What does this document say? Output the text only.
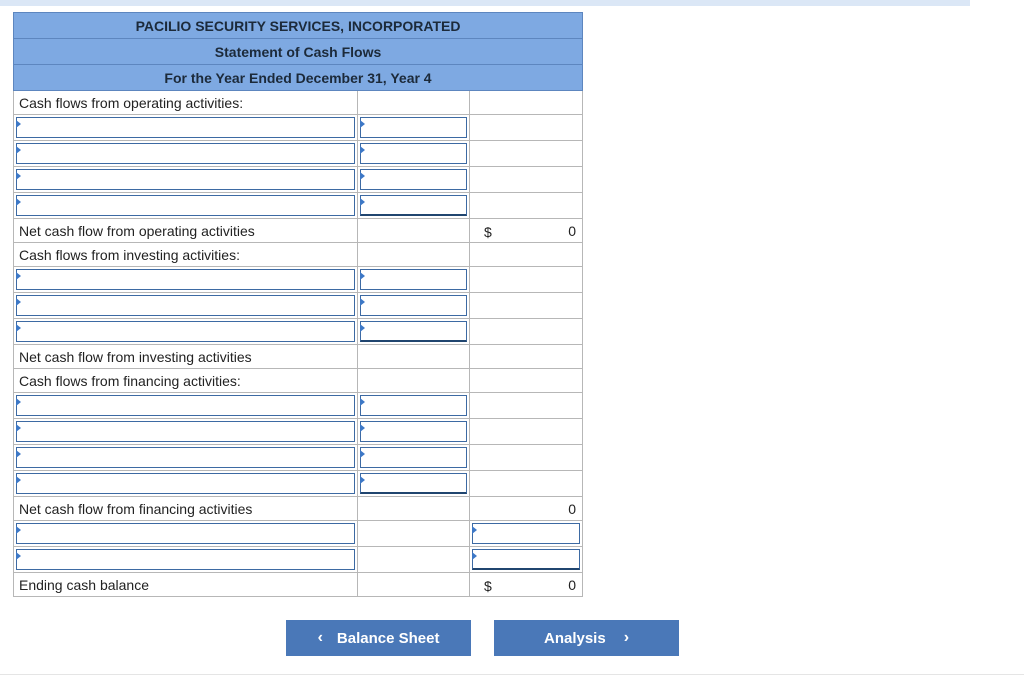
PACILIO SECURITY SERVICES, INCORPORATED		
Statement of Cash Flows		
For the Year Ended December 31, Year 4		
Cash flows from operating activities:		

Net cash flow from operating activities		$ 0
Cash flows from investing activities:		

Net cash flow from investing activities		
Cash flows from financing activities:		

Net cash flow from financing activities		0

Ending cash balance		$ 0
‹ Balance Sheet	Analysis ›
